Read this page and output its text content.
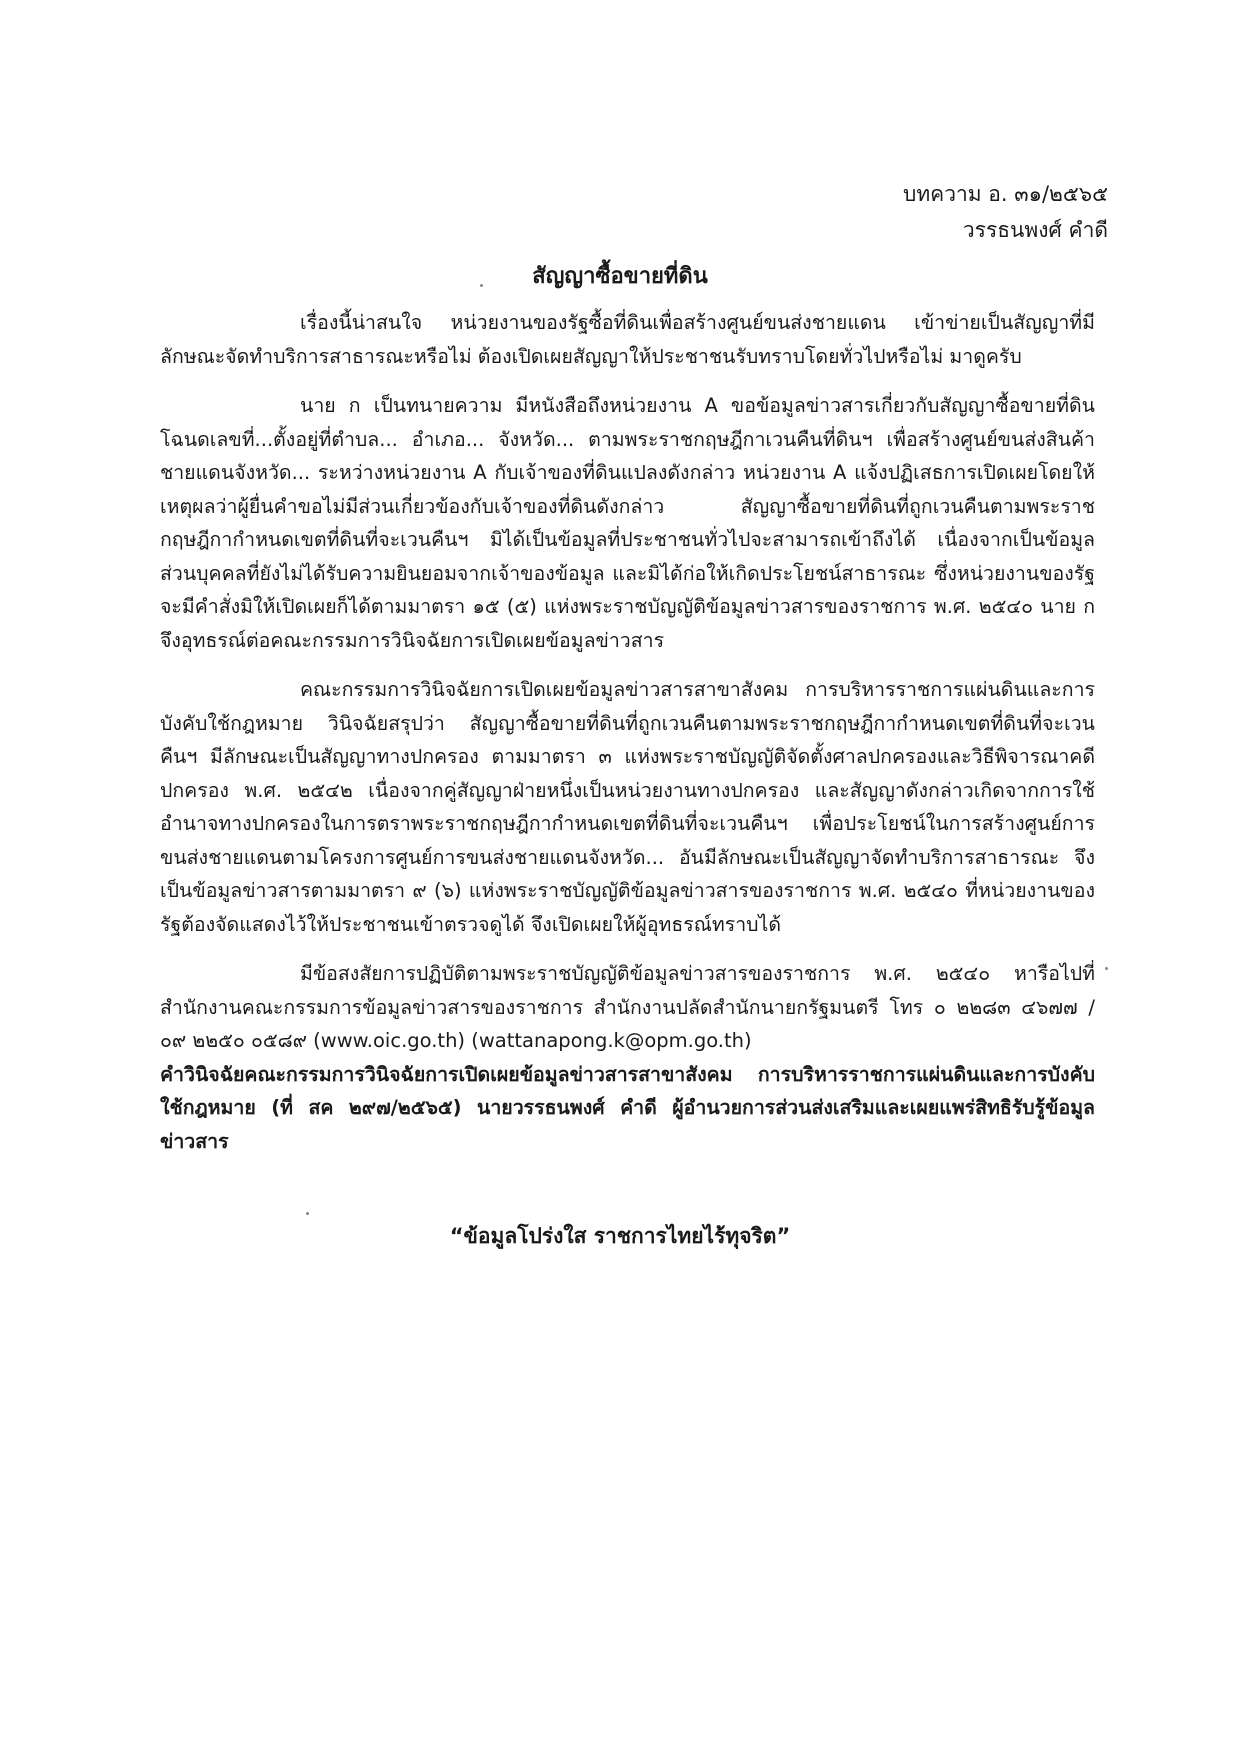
บทความ อ. ๓๑/๒๕๖๕
วรรธนพงศ์ คำดี
สัญญาซื้อขายที่ดิน

เรื่องนี้น่าสนใจ หน่วยงานของรัฐซื้อที่ดินเพื่อสร้างศูนย์ขนส่งชายแดน เข้าข่ายเป็นสัญญาที่มีลักษณะจัดทำบริการสาธารณะหรือไม่ ต้องเปิดเผยสัญญาให้ประชาชนรับทราบโดยทั่วไปหรือไม่ มาดูครับ

นาย ก เป็นทนายความ มีหนังสือถึงหน่วยงาน A ขอข้อมูลข่าวสารเกี่ยวกับสัญญาซื้อขายที่ดินโฉนดเลขที่...ตั้งอยู่ที่ตำบล... อำเภอ... จังหวัด... ตามพระราชกฤษฎีกาเวนคืนที่ดินฯ เพื่อสร้างศูนย์ขนส่งสินค้าชายแดนจังหวัด... ระหว่างหน่วยงาน A กับเจ้าของที่ดินแปลงดังกล่าว หน่วยงาน A แจ้งปฏิเสธการเปิดเผยโดยให้เหตุผลว่าผู้ยื่นคำขอไม่มีส่วนเกี่ยวข้องกับเจ้าของที่ดินดังกล่าว สัญญาซื้อขายที่ดินที่ถูกเวนคืนตามพระราชกฤษฎีกากำหนดเขตที่ดินที่จะเวนคืนฯ มิได้เป็นข้อมูลที่ประชาชนทั่วไปจะสามารถเข้าถึงได้ เนื่องจากเป็นข้อมูลส่วนบุคคลที่ยังไม่ได้รับความยินยอมจากเจ้าของข้อมูล และมิได้ก่อให้เกิดประโยชน์สาธารณะ ซึ่งหน่วยงานของรัฐจะมีคำสั่งมิให้เปิดเผยก็ได้ตามมาตรา ๑๕ (๕) แห่งพระราชบัญญัติข้อมูลข่าวสารของราชการ พ.ศ. ๒๕๔๐ นาย ก จึงอุทธรณ์ต่อคณะกรรมการวินิจฉัยการเปิดเผยข้อมูลข่าวสาร

คณะกรรมการวินิจฉัยการเปิดเผยข้อมูลข่าวสารสาขาสังคม การบริหารราชการแผ่นดินและการบังคับใช้กฎหมาย วินิจฉัยสรุปว่า สัญญาซื้อขายที่ดินที่ถูกเวนคืนตามพระราชกฤษฎีกากำหนดเขตที่ดินที่จะเวนคืนฯ มีลักษณะเป็นสัญญาทางปกครอง ตามมาตรา ๓ แห่งพระราชบัญญัติจัดตั้งศาลปกครองและวิธีพิจารณาคดีปกครอง พ.ศ. ๒๕๔๒ เนื่องจากคู่สัญญาฝ่ายหนึ่งเป็นหน่วยงานทางปกครอง และสัญญาดังกล่าวเกิดจากการใช้อำนาจทางปกครองในการตราพระราชกฤษฎีกากำหนดเขตที่ดินที่จะเวนคืนฯ เพื่อประโยชน์ในการสร้างศูนย์การขนส่งชายแดนตามโครงการศูนย์การขนส่งชายแดนจังหวัด... อันมีลักษณะเป็นสัญญาจัดทำบริการสาธารณะ จึงเป็นข้อมูลข่าวสารตามมาตรา ๙ (๖) แห่งพระราชบัญญัติข้อมูลข่าวสารของราชการ พ.ศ. ๒๕๔๐ ที่หน่วยงานของรัฐต้องจัดแสดงไว้ให้ประชาชนเข้าตรวจดูได้ จึงเปิดเผยให้ผู้อุทธรณ์ทราบได้

มีข้อสงสัยการปฏิบัติตามพระราชบัญญัติข้อมูลข่าวสารของราชการ พ.ศ. ๒๕๔๐ หารือไปที่ สำนักงานคณะกรรมการข้อมูลข่าวสารของราชการ สำนักงานปลัดสำนักนายกรัฐมนตรี โทร ๐ ๒๒๘๓ ๔๖๗๗ / ๐๙ ๒๒๕๐ ๐๕๘๙ (www.oic.go.th) (wattanapong.k@opm.go.th)

คำวินิจฉัยคณะกรรมการวินิจฉัยการเปิดเผยข้อมูลข่าวสารสาขาสังคม การบริหารราชการแผ่นดินและการบังคับใช้กฎหมาย (ที่ สค ๒๙๗/๒๕๖๕) นายวรรธนพงศ์ คำดี ผู้อำนวยการส่วนส่งเสริมและเผยแพร่สิทธิรับรู้ข้อมูลข่าวสาร

“ข้อมูลโปร่งใส ราชการไทยไร้ทุจริต”
